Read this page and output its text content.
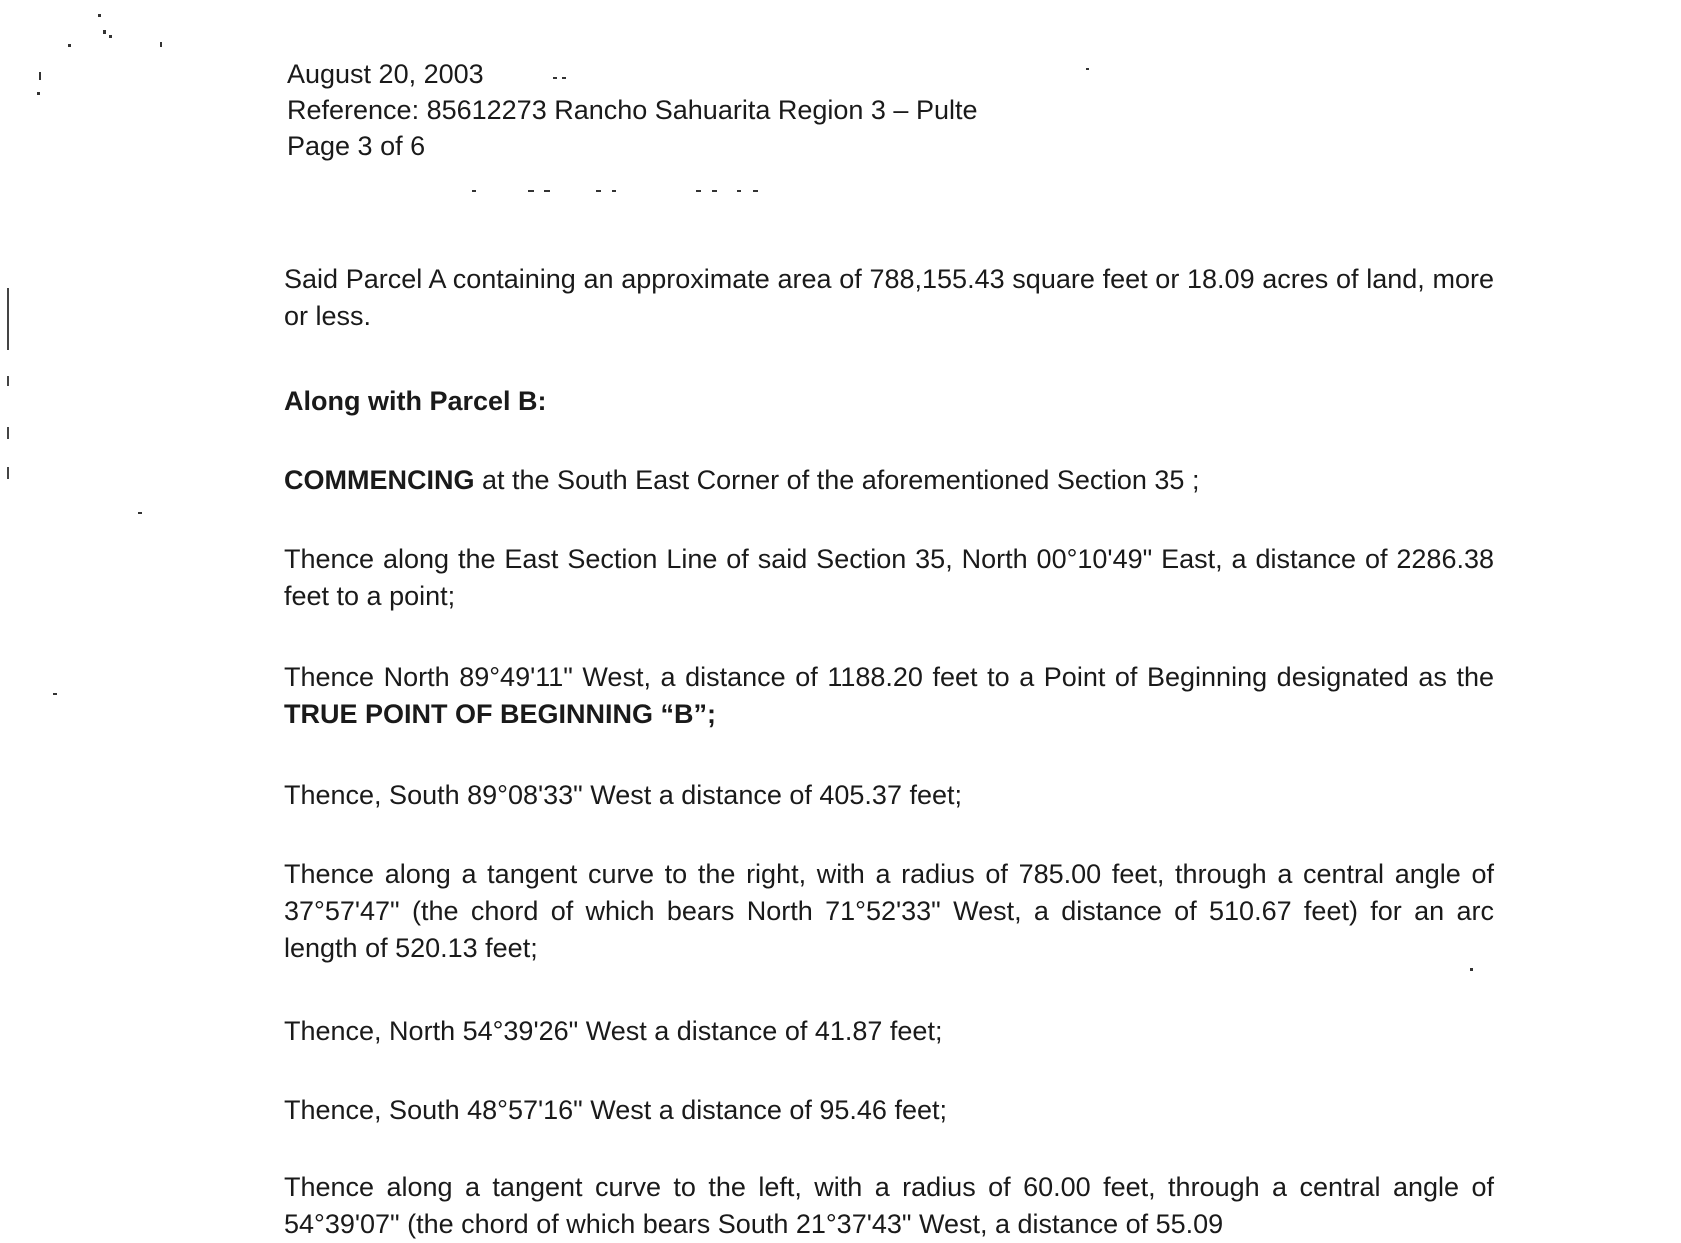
August 20, 2003
Reference: 85612273 Rancho Sahuarita Region 3 – Pulte
Page 3 of 6
Said Parcel A containing an approximate area of 788,155.43 square feet or 18.09 acres of land, more or less.
Along with Parcel B:
COMMENCING at the South East Corner of the aforementioned Section 35 ;
Thence along the East Section Line of said Section 35, North 00°10'49" East, a distance of 2286.38 feet to a point;
Thence North 89°49'11" West, a distance of 1188.20 feet to a Point of Beginning designated as the TRUE POINT OF BEGINNING “B”;
Thence, South 89°08'33" West a distance of 405.37 feet;
Thence along a tangent curve to the right, with a radius of 785.00 feet, through a central angle of 37°57'47" (the chord of which bears North 71°52'33" West, a distance of 510.67 feet) for an arc length of 520.13 feet;
Thence, North 54°39'26" West a distance of 41.87 feet;
Thence, South 48°57'16" West a distance of 95.46 feet;
Thence along a tangent curve to the left, with a radius of 60.00 feet, through a central angle of 54°39'07" (the chord of which bears South 21°37'43" West, a distance of 55.09
